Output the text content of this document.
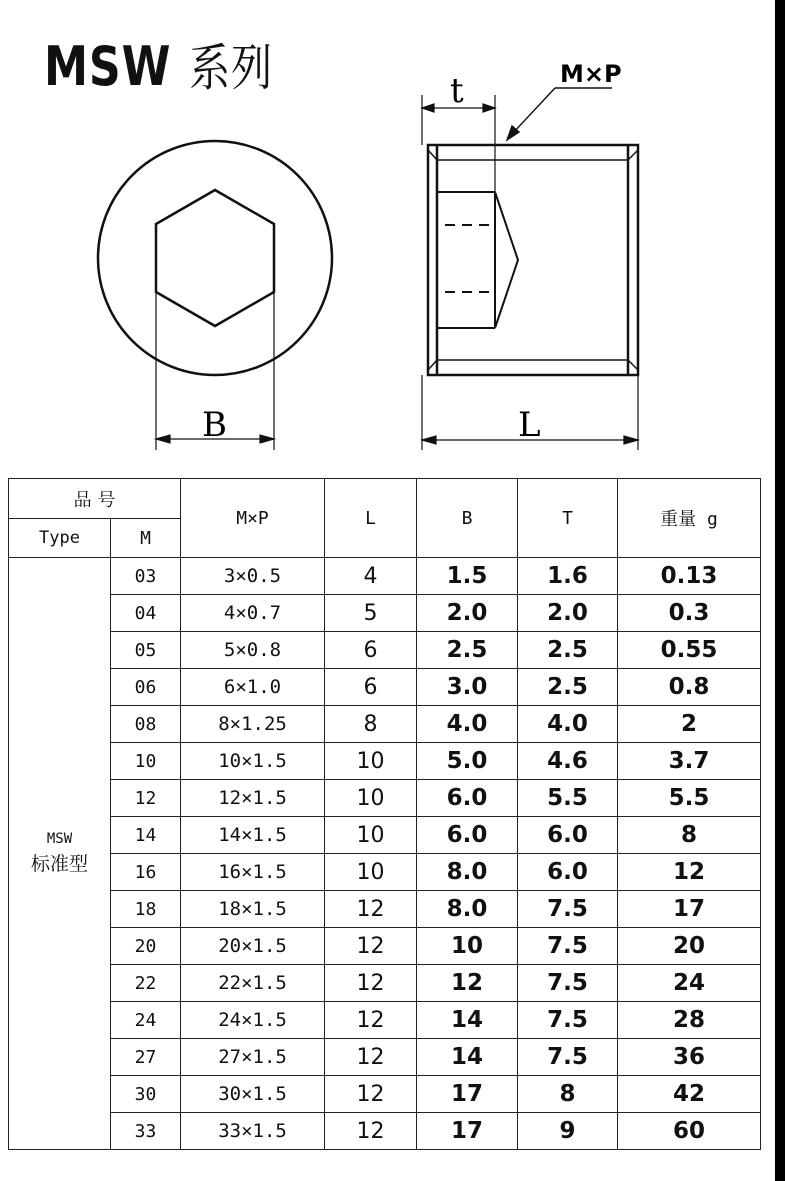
MSW 系列
B
t	M×P
L
品 号		M×P	L	B	T	重量 g
Type	M					

MSW
标准型	03	3×0.5	4	1.5	1.6	0.13
	04	4×0.7	5	2.0	2.0	0.3
	05	5×0.8	6	2.5	2.5	0.55
	06	6×1.0	6	3.0	2.5	0.8
	08	8×1.25	8	4.0	4.0	2
	10	10×1.5	10	5.0	4.6	3.7
	12	12×1.5	10	6.0	5.5	5.5
	14	14×1.5	10	6.0	6.0	8
	16	16×1.5	10	8.0	6.0	12
	18	18×1.5	12	8.0	7.5	17
	20	20×1.5	12	10	7.5	20
	22	22×1.5	12	12	7.5	24
	24	24×1.5	12	14	7.5	28
	27	27×1.5	12	14	7.5	36
	30	30×1.5	12	17	8	42
	33	33×1.5	12	17	9	60
